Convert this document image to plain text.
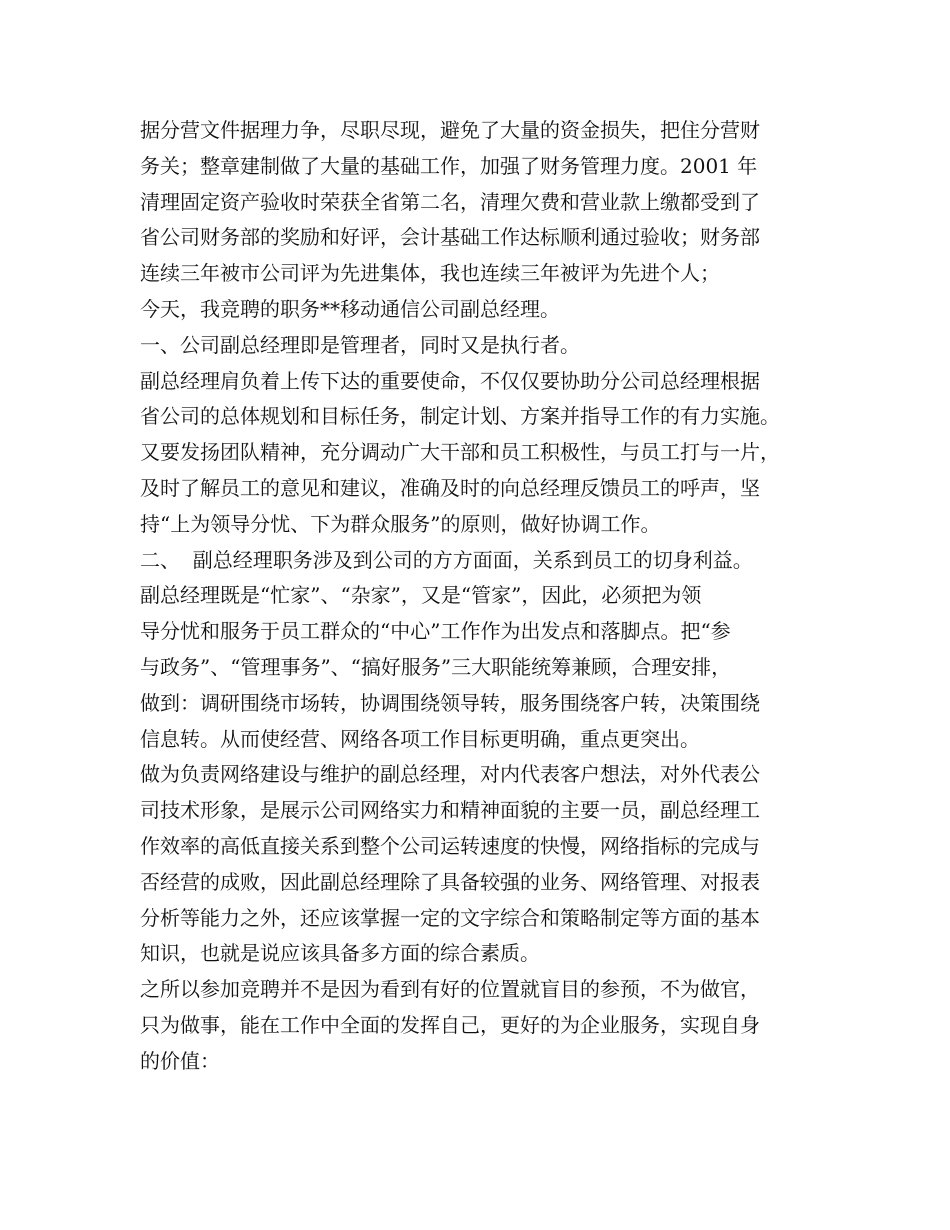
据分营文件据理力争，尽职尽现，避免了大量的资金损失，把住分营财
务关；整章建制做了大量的基础工作，加强了财务管理力度。2001 年
清理固定资产验收时荣获全省第二名，清理欠费和营业款上缴都受到了
省公司财务部的奖励和好评，会计基础工作达标顺利通过验收；财务部
连续三年被市公司评为先进集体，我也连续三年被评为先进个人；
今天，我竞聘的职务**移动通信公司副总经理。
一、公司副总经理即是管理者，同时又是执行者。
副总经理肩负着上传下达的重要使命，不仅仅要协助分公司总经理根据
省公司的总体规划和目标任务，制定计划、方案并指导工作的有力实施。
又要发扬团队精神，充分调动广大干部和员工积极性，与员工打与一片，
及时了解员工的意见和建议，准确及时的向总经理反馈员工的呼声，坚
持“上为领导分忧、下为群众服务”的原则，做好协调工作。
二、  副总经理职务涉及到公司的方方面面，关系到员工的切身利益。
副总经理既是“忙家”、“杂家”，又是“管家”，因此，必须把为领
导分忧和服务于员工群众的“中心”工作作为出发点和落脚点。把“参
与政务”、“管理事务”、“搞好服务”三大职能统筹兼顾，合理安排，
做到：调研围绕市场转，协调围绕领导转，服务围绕客户转，决策围绕
信息转。从而使经营、网络各项工作目标更明确，重点更突出。
做为负责网络建设与维护的副总经理，对内代表客户想法，对外代表公
司技术形象，是展示公司网络实力和精神面貌的主要一员，副总经理工
作效率的高低直接关系到整个公司运转速度的快慢，网络指标的完成与
否经营的成败，因此副总经理除了具备较强的业务、网络管理、对报表
分析等能力之外，还应该掌握一定的文字综合和策略制定等方面的基本
知识，也就是说应该具备多方面的综合素质。
之所以参加竞聘并不是因为看到有好的位置就盲目的参预，不为做官，
只为做事，能在工作中全面的发挥自己，更好的为企业服务，实现自身
的价值：
